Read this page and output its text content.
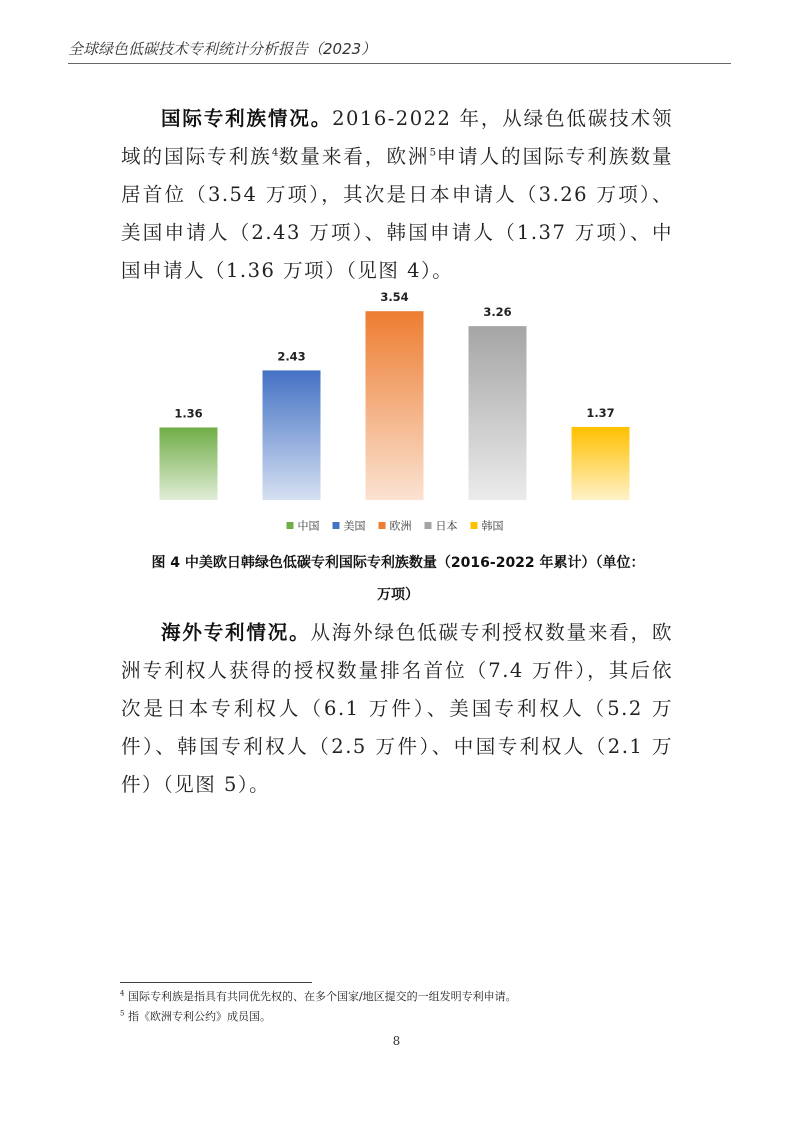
全球绿色低碳技术专利统计分析报告（2023）
国际专利族情况。2016-2022 年，从绿色低碳技术领域的国际专利族$^4$数量来看，欧洲$^5$申请人的国际专利族数量居首位（3.54 万项），其次是日本申请人（3.26 万项）、美国申请人（2.43 万项）、韩国申请人（1.37 万项）、中国申请人（1.36 万项）（见图 4）。
1.36
2.43
3.54
3.26
1.37
中国 美国 欧洲 日本 韩国
图 4 中美欧日韩绿色低碳专利国际专利族数量（2016-2022 年累计）（单位：
万项）
海外专利情况。从海外绿色低碳专利授权数量来看，欧洲专利权人获得的授权数量排名首位（7.4 万件），其后依次是日本专利权人（6.1 万件）、美国专利权人（5.2 万件）、韩国专利权人（2.5 万件）、中国专利权人（2.1 万件）（见图 5）。
$^4$ 国际专利族是指具有共同优先权的、在多个国家/地区提交的一组发明专利申请。
$^5$ 指《欧洲专利公约》成员国。
8
